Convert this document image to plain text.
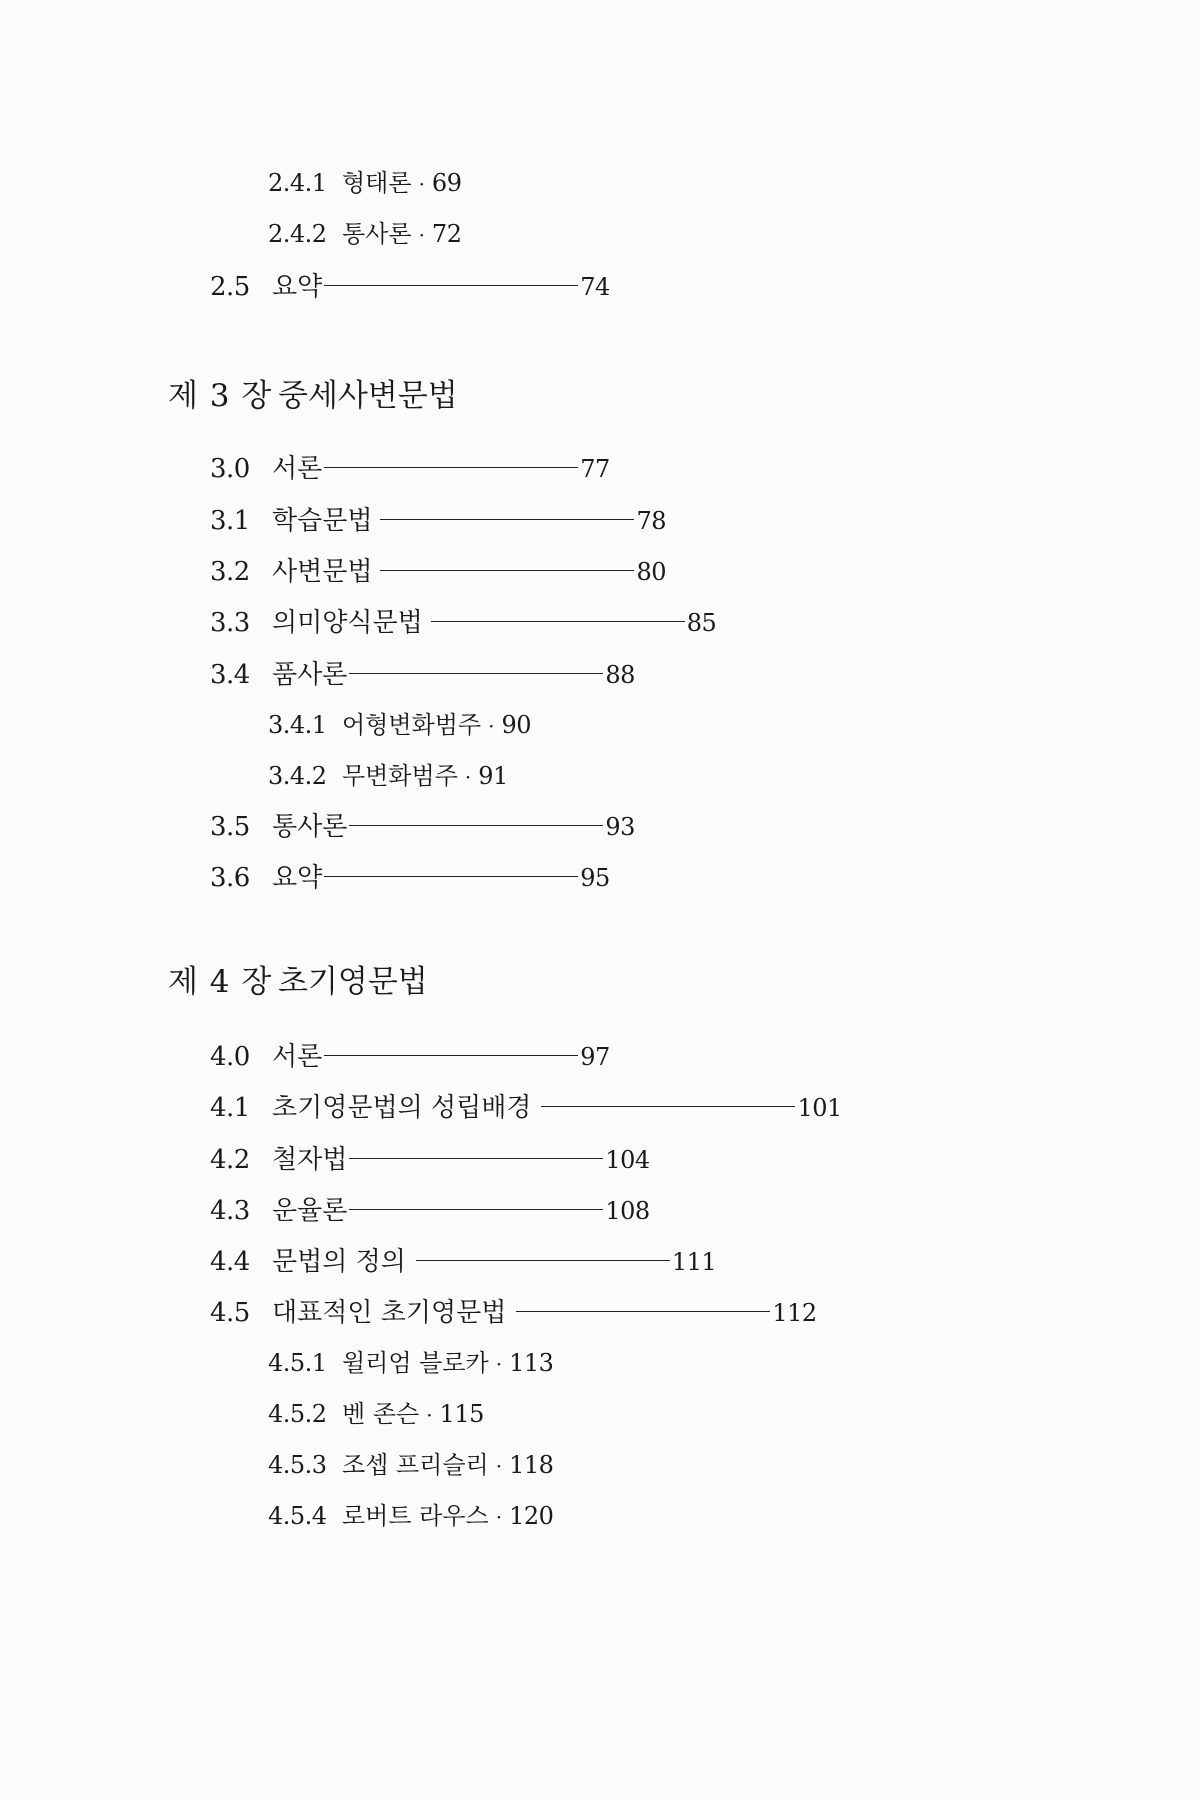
2.4.1 형태론 · 69
2.4.2 통사론 · 72
2.5 요약	74
제 3 장 중세사변문법
3.0 서론	77
3.1 학습문법	78
3.2 사변문법	80
3.3 의미양식문법	85
3.4 품사론	88
3.4.1 어형변화범주 · 90
3.4.2 무변화범주 · 91
3.5 통사론	93
3.6 요약	95
제 4 장 초기영문법
4.0 서론	97
4.1 초기영문법의 성립배경	101
4.2 철자법	104
4.3 운율론	108
4.4 문법의 정의	111
4.5 대표적인 초기영문법	112
4.5.1 윌리엄 블로카 · 113
4.5.2 벤 존슨 · 115
4.5.3 조셉 프리슬리 · 118
4.5.4 로버트 라우스 · 120
